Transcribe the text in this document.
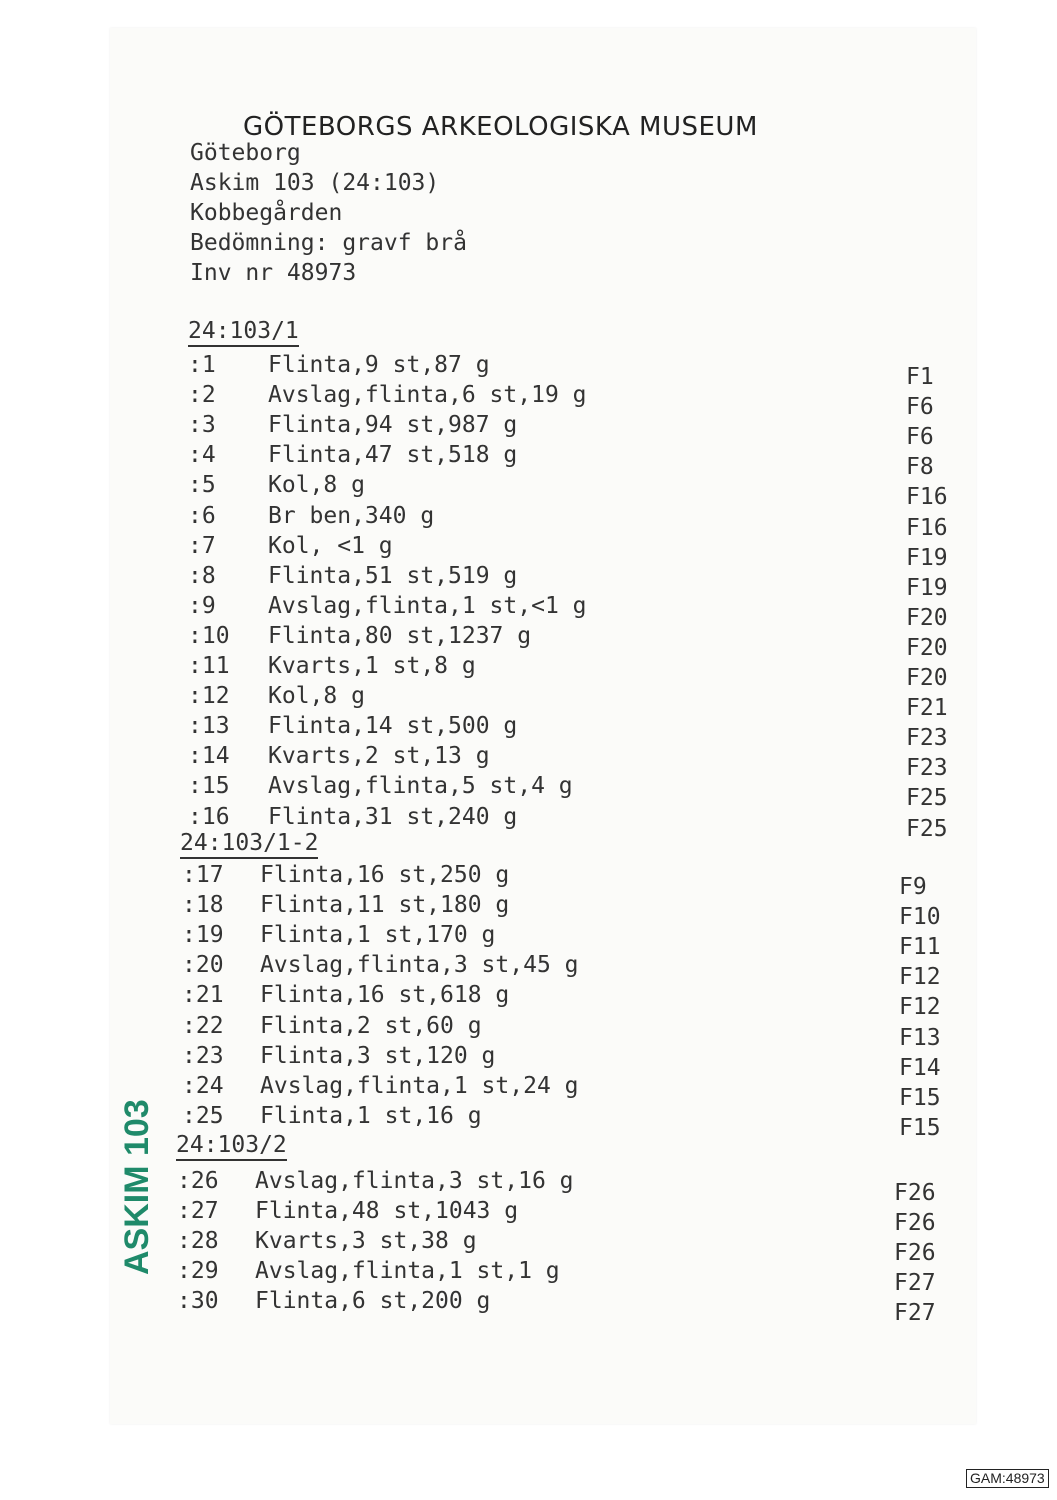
GÖTEBORGS ARKEOLOGISKA MUSEUM
Göteborg
Askim 103 (24:103)
Kobbegården
Bedömning: gravf brå
Inv nr 48973
24:103/1
:1 Flinta,9 st,87 g	F1
:2 Avslag,flinta,6 st,19 g	F6
:3 Flinta,94 st,987 g	F6
:4 Flinta,47 st,518 g	F8
:5 Kol,8 g	F16
:6 Br ben,340 g	F16
:7 Kol, <1 g	F19
:8 Flinta,51 st,519 g	F19
:9 Avslag,flinta,1 st,<1 g	F20
:10 Flinta,80 st,1237 g	F20
:11 Kvarts,1 st,8 g	F20
:12 Kol,8 g	F21
:13 Flinta,14 st,500 g	F23
:14 Kvarts,2 st,13 g	F23
:15 Avslag,flinta,5 st,4 g	F25
:16 Flinta,31 st,240 g	F25
24:103/1-2
:17 Flinta,16 st,250 g	F9
:18 Flinta,11 st,180 g	F10
:19 Flinta,1 st,170 g	F11
:20 Avslag,flinta,3 st,45 g	F12
:21 Flinta,16 st,618 g	F12
:22 Flinta,2 st,60 g	F13
:23 Flinta,3 st,120 g	F14
:24 Avslag,flinta,1 st,24 g	F15
:25 Flinta,1 st,16 g	F15
24:103/2
:26 Avslag,flinta,3 st,16 g	F26
:27 Flinta,48 st,1043 g	F26
:28 Kvarts,3 st,38 g	F26
:29 Avslag,flinta,1 st,1 g	F27
:30 Flinta,6 st,200 g	F27
ASKIM 103
GAM:48973
